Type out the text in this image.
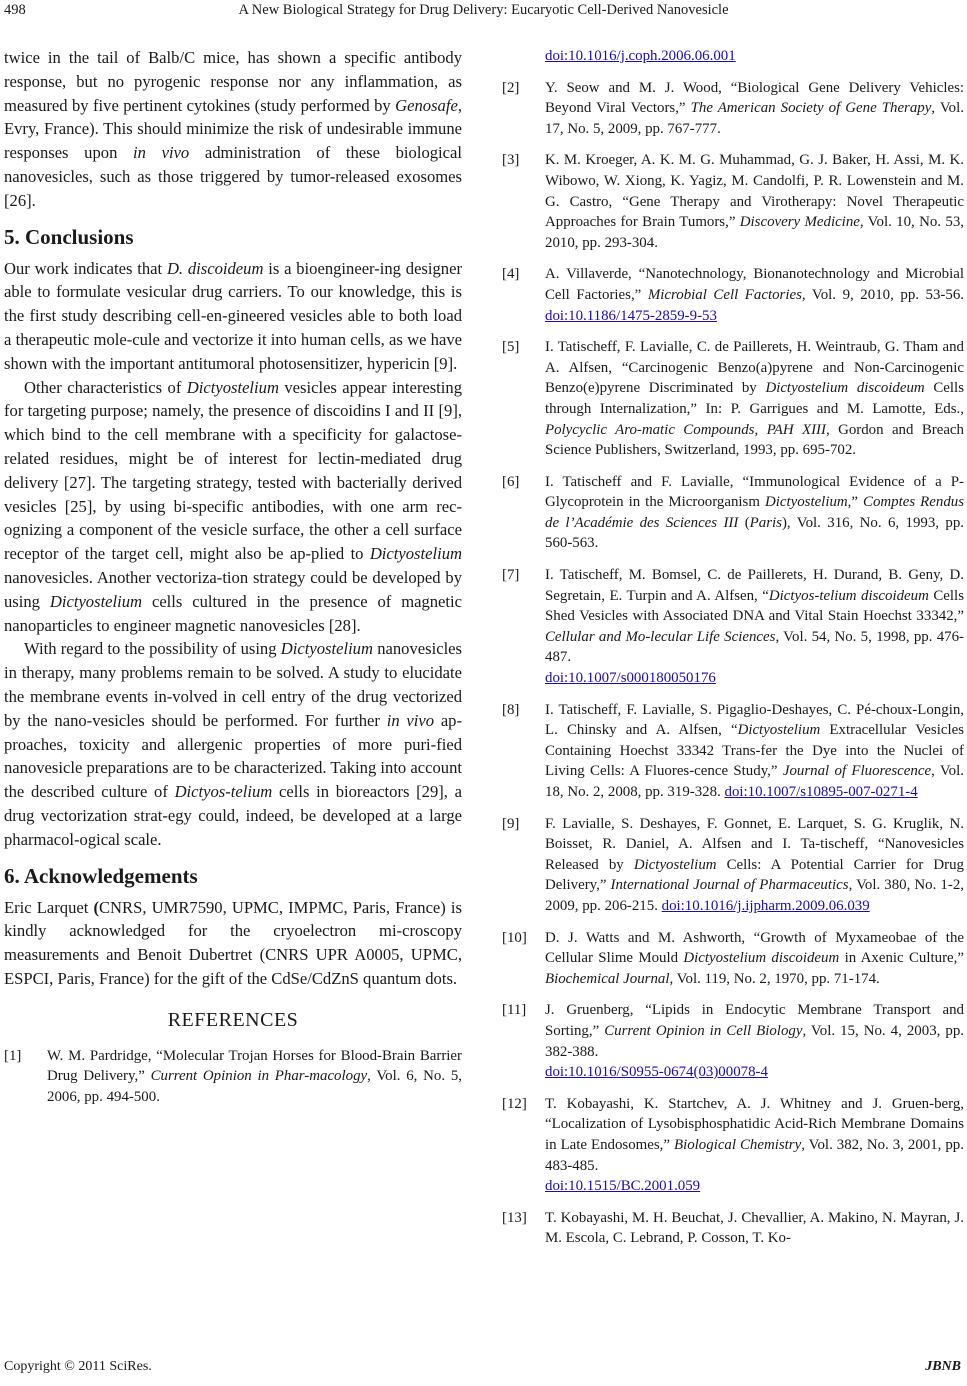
498	A New Biological Strategy for Drug Delivery: Eucaryotic Cell-Derived Nanovesicle

twice in the tail of Balb/C mice, has shown a specific antibody response, but no pyrogenic response nor any inflammation, as measured by five pertinent cytokines (study performed by Genosafe, Evry, France). This should minimize the risk of undesirable immune responses upon in vivo administration of these biological nanovesicles, such as those triggered by tumor-released exosomes [26].

5. Conclusions

Our work indicates that D. discoideum is a bioengineer-ing designer able to formulate vesicular drug carriers. To our knowledge, this is the first study describing cell-en-gineered vesicles able to both load a therapeutic mole-cule and vectorize it into human cells, as we have shown with the important antitumoral photosensitizer, hypericin [9].

Other characteristics of Dictyostelium vesicles appear interesting for targeting purpose; namely, the presence of discoidins I and II [9], which bind to the cell membrane with a specificity for galactose-related residues, might be of interest for lectin-mediated drug delivery [27]. The targeting strategy, tested with bacterially derived vesicles [25], by using bi-specific antibodies, with one arm rec-ognizing a component of the vesicle surface, the other a cell surface receptor of the target cell, might also be ap-plied to Dictyostelium nanovesicles. Another vectoriza-tion strategy could be developed by using Dictyostelium cells cultured in the presence of magnetic nanoparticles to engineer magnetic nanovesicles [28].

With regard to the possibility of using Dictyostelium nanovesicles in therapy, many problems remain to be solved. A study to elucidate the membrane events in-volved in cell entry of the drug vectorized by the nano-vesicles should be performed. For further in vivo ap-proaches, toxicity and allergenic properties of more puri-fied nanovesicle preparations are to be characterized. Taking into account the described culture of Dictyos-telium cells in bioreactors [29], a drug vectorization strat-egy could, indeed, be developed at a large pharmacol-ogical scale.

6. Acknowledgements

Eric Larquet (CNRS, UMR7590, UPMC, IMPMC, Paris, France) is kindly acknowledged for the cryoelectron mi-croscopy measurements and Benoit Dubertret (CNRS UPR A0005, UPMC, ESPCI, Paris, France) for the gift of the CdSe/CdZnS quantum dots.

REFERENCES
[1] W. M. Pardridge, “Molecular Trojan Horses for Blood-Brain Barrier Drug Delivery,” Current Opinion in Phar-macology, Vol. 6, No. 5, 2006, pp. 494-500.
doi:10.1016/j.coph.2006.06.001
[2] Y. Seow and M. J. Wood, “Biological Gene Delivery Vehicles: Beyond Viral Vectors,” The American Society of Gene Therapy, Vol. 17, No. 5, 2009, pp. 767-777.
[3] K. M. Kroeger, A. K. M. G. Muhammad, G. J. Baker, H. Assi, M. K. Wibowo, W. Xiong, K. Yagiz, M. Candolfi, P. R. Lowenstein and M. G. Castro, “Gene Therapy and Virotherapy: Novel Therapeutic Approaches for Brain Tumors,” Discovery Medicine, Vol. 10, No. 53, 2010, pp. 293-304.
[4] A. Villaverde, “Nanotechnology, Bionanotechnology and Microbial Cell Factories,” Microbial Cell Factories, Vol. 9, 2010, pp. 53-56. doi:10.1186/1475-2859-9-53
[5] I. Tatischeff, F. Lavialle, C. de Paillerets, H. Weintraub, G. Tham and A. Alfsen, “Carcinogenic Benzo(a)pyrene and Non-Carcinogenic Benzo(e)pyrene Discriminated by Dictyostelium discoideum Cells through Internalization,” In: P. Garrigues and M. Lamotte, Eds., Polycyclic Aro-matic Compounds, PAH XIII, Gordon and Breach Science Publishers, Switzerland, 1993, pp. 695-702.
[6] I. Tatischeff and F. Lavialle, “Immunological Evidence of a P-Glycoprotein in the Microorganism Dictyostelium,” Comptes Rendus de l’Académie des Sciences III (Paris), Vol. 316, No. 6, 1993, pp. 560-563.
[7] I. Tatischeff, M. Bomsel, C. de Paillerets, H. Durand, B. Geny, D. Segretain, E. Turpin and A. Alfsen, “Dictyos-telium discoideum Cells Shed Vesicles with Associated DNA and Vital Stain Hoechst 33342,” Cellular and Mo-lecular Life Sciences, Vol. 54, No. 5, 1998, pp. 476-487.
doi:10.1007/s000180050176
[8] I. Tatischeff, F. Lavialle, S. Pigaglio-Deshayes, C. Pé-choux-Longin, L. Chinsky and A. Alfsen, “Dictyostelium Extracellular Vesicles Containing Hoechst 33342 Trans-fer the Dye into the Nuclei of Living Cells: A Fluores-cence Study,” Journal of Fluorescence, Vol. 18, No. 2, 2008, pp. 319-328. doi:10.1007/s10895-007-0271-4
[9] F. Lavialle, S. Deshayes, F. Gonnet, E. Larquet, S. G. Kruglik, N. Boisset, R. Daniel, A. Alfsen and I. Ta-tischeff, “Nanovesicles Released by Dictyostelium Cells: A Potential Carrier for Drug Delivery,” International Journal of Pharmaceutics, Vol. 380, No. 1-2, 2009, pp. 206-215. doi:10.1016/j.ijpharm.2009.06.039
[10] D. J. Watts and M. Ashworth, “Growth of Myxameobae of the Cellular Slime Mould Dictyostelium discoideum in Axenic Culture,” Biochemical Journal, Vol. 119, No. 2, 1970, pp. 71-174.
[11] J. Gruenberg, “Lipids in Endocytic Membrane Transport and Sorting,” Current Opinion in Cell Biology, Vol. 15, No. 4, 2003, pp. 382-388.
doi:10.1016/S0955-0674(03)00078-4
[12] T. Kobayashi, K. Startchev, A. J. Whitney and J. Gruen-berg, “Localization of Lysobisphosphatidic Acid-Rich Membrane Domains in Late Endosomes,” Biological Chemistry, Vol. 382, No. 3, 2001, pp. 483-485.
doi:10.1515/BC.2001.059
[13] T. Kobayashi, M. H. Beuchat, J. Chevallier, A. Makino, N. Mayran, J. M. Escola, C. Lebrand, P. Cosson, T. Ko-
Copyright © 2011 SciRes.	JBNB
